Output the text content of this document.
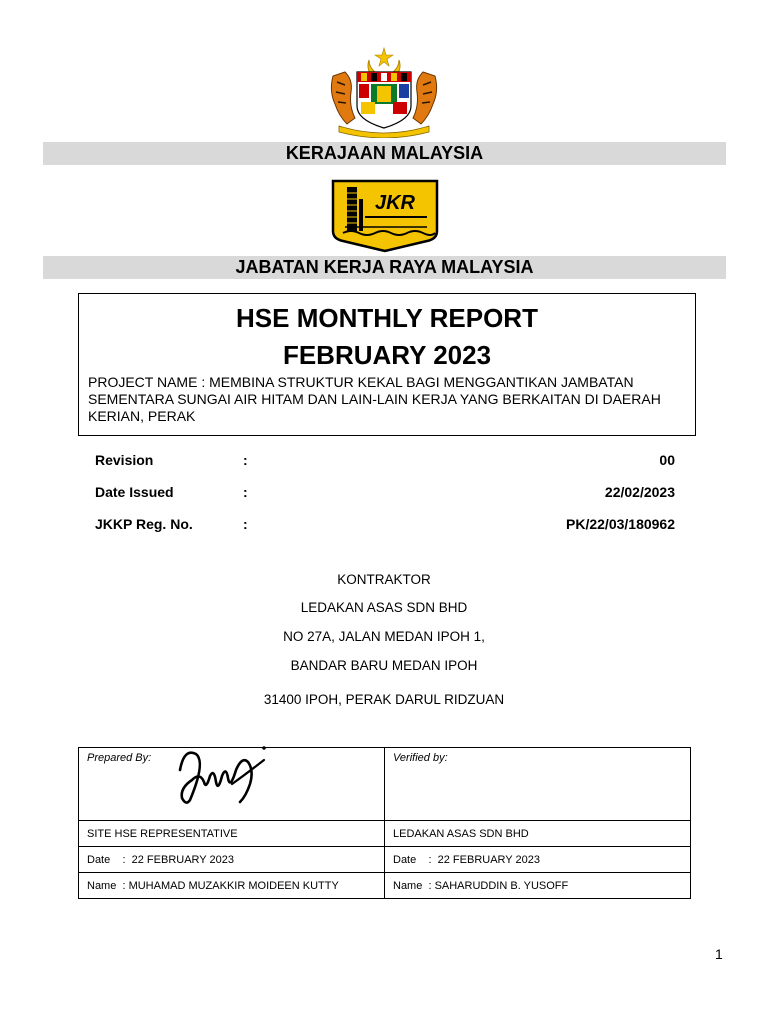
KERAJAAN MALAYSIA
JKR
JABATAN KERJA RAYA MALAYSIA
HSE MONTHLY REPORT
FEBRUARY 2023
PROJECT NAME : MEMBINA STRUKTUR KEKAL BAGI MENGGANTIKAN JAMBATAN SEMENTARA SUNGAI AIR HITAM DAN LAIN-LAIN KERJA YANG BERKAITAN DI DAERAH KERIAN, PERAK
Revision	:	00
Date Issued	:	22/02/2023
JKKP Reg. No.	:	PK/22/03/180962
KONTRAKTOR
LEDAKAN ASAS SDN BHD
NO 27A, JALAN MEDAN IPOH 1,
BANDAR BARU MEDAN IPOH
31400 IPOH, PERAK DARUL RIDZUAN
Prepared By:	Verified by:
SITE HSE REPRESENTATIVE	LEDAKAN ASAS SDN BHD
Date    :  22 FEBRUARY 2023	Date    :  22 FEBRUARY 2023
Name  : MUHAMAD MUZAKKIR MOIDEEN KUTTY	Name  : SAHARUDDIN B. YUSOFF
1
